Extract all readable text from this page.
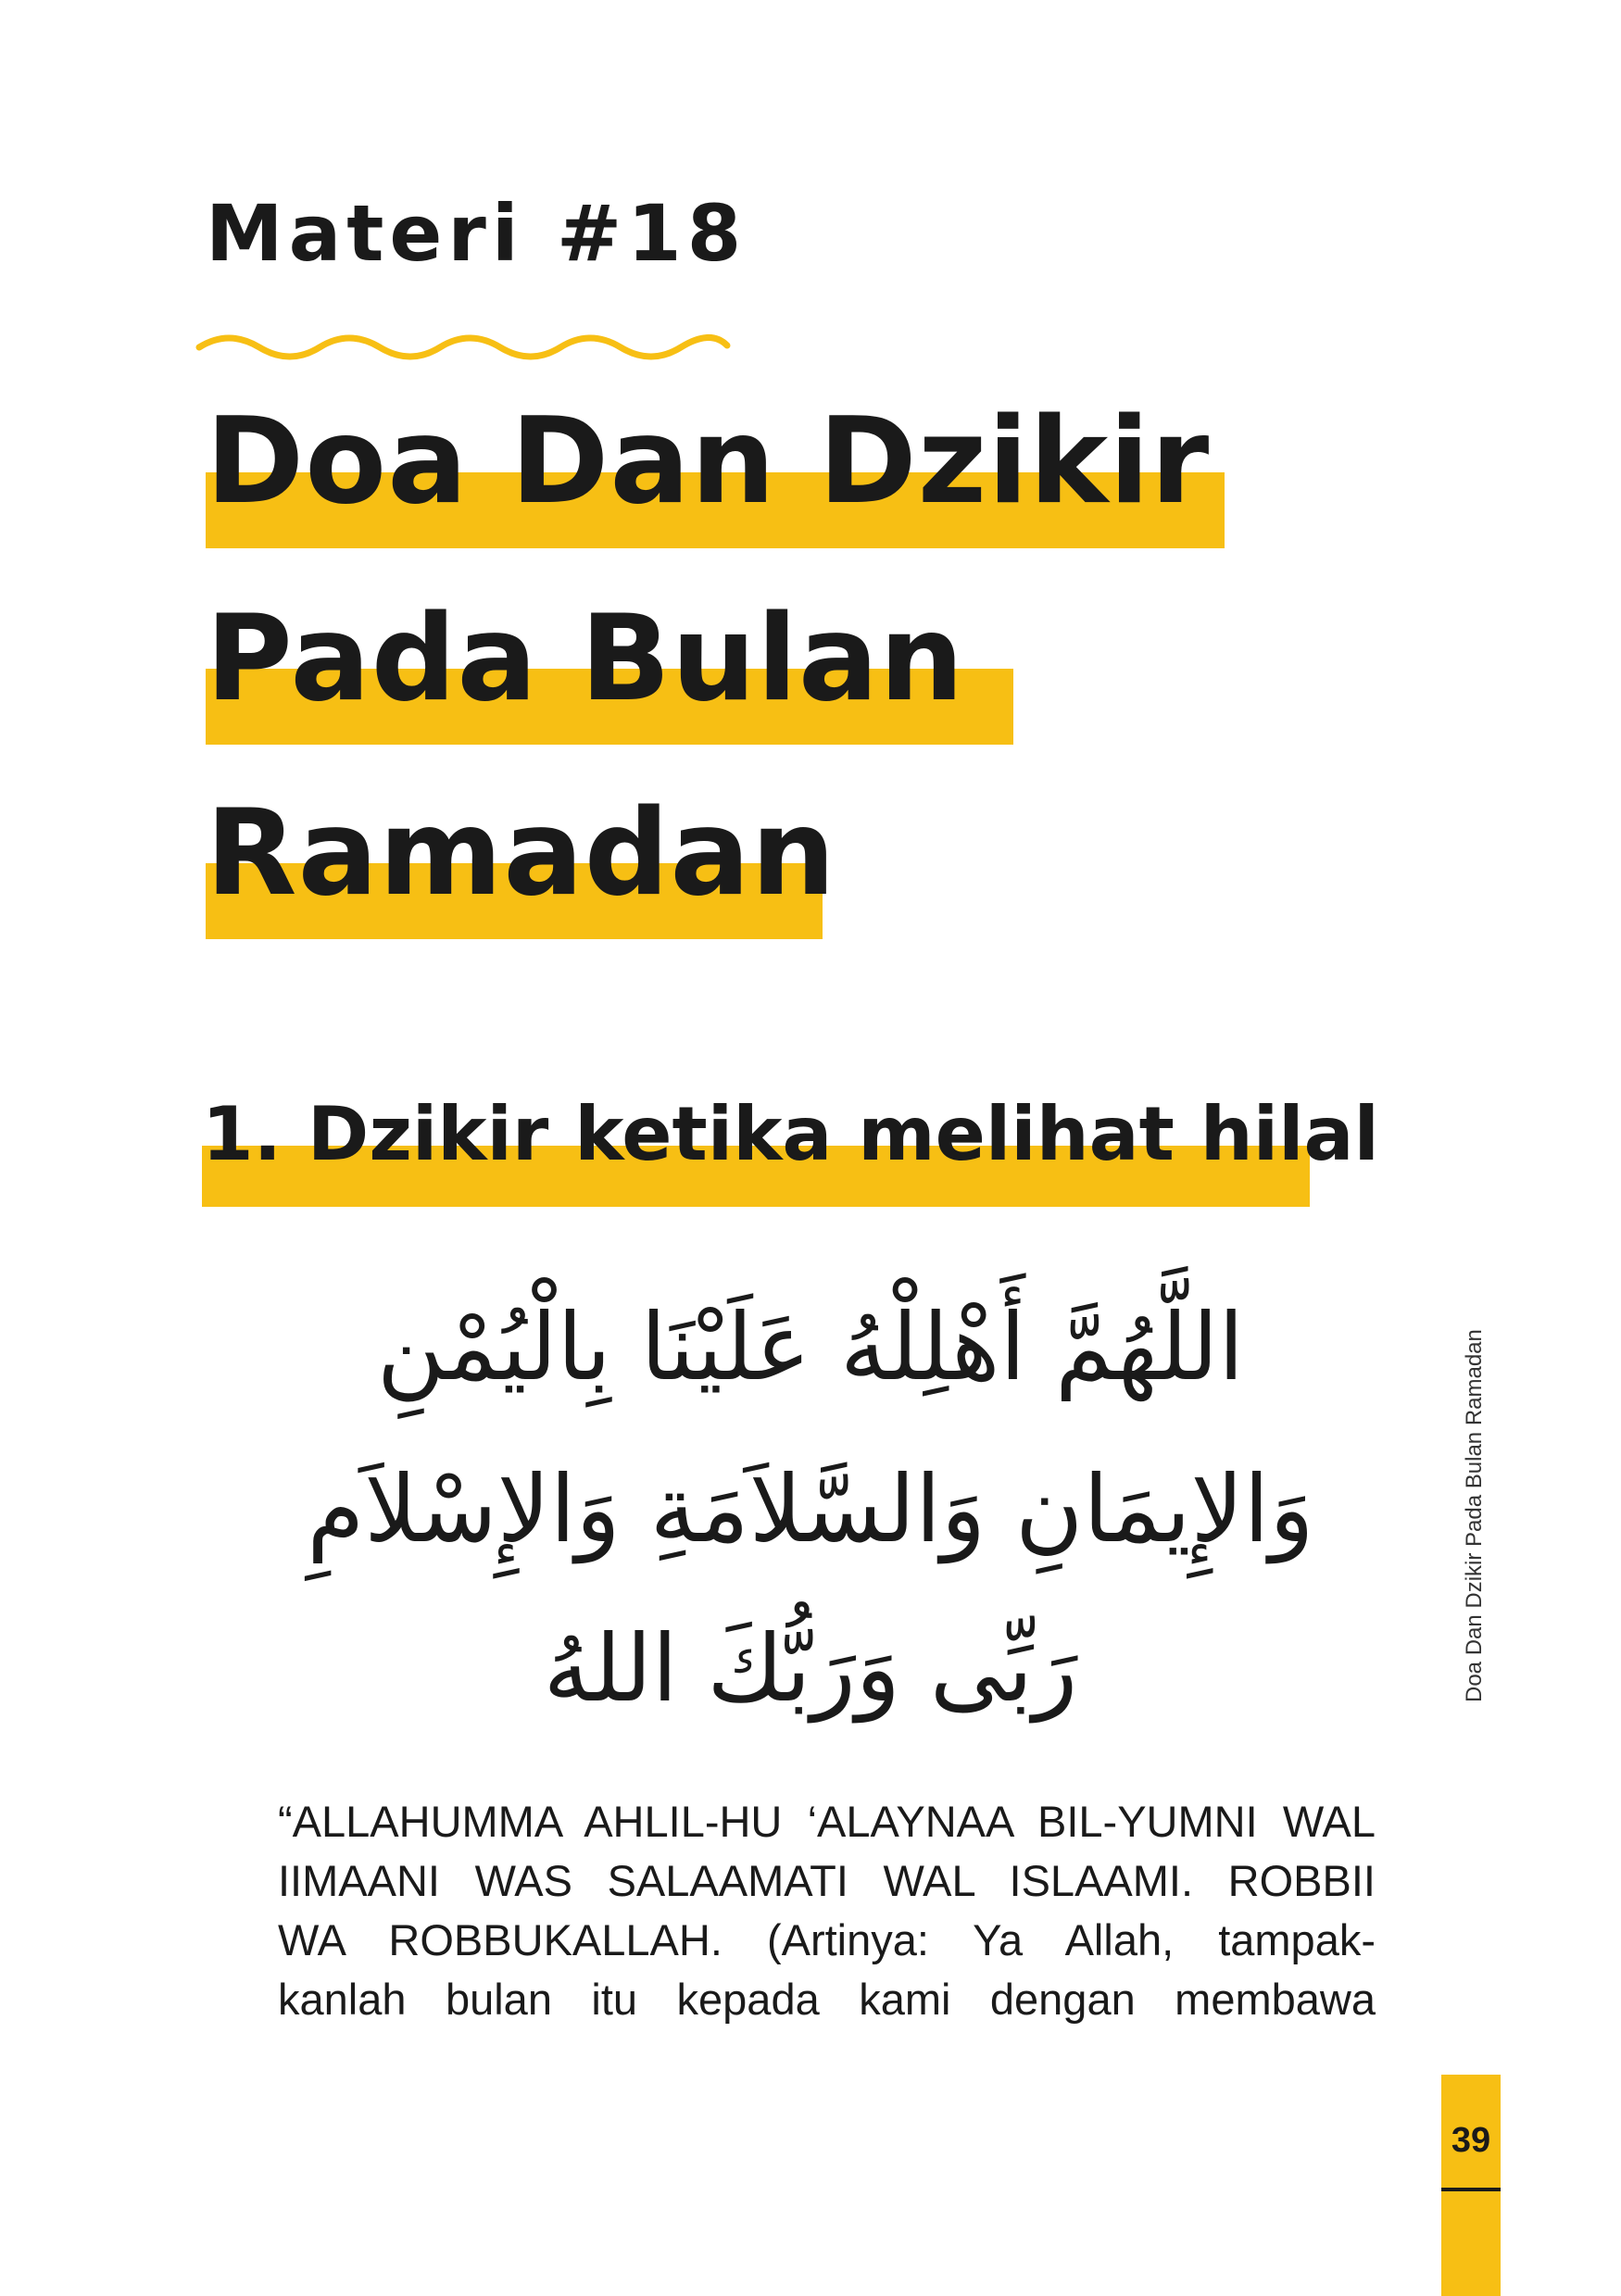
Materi #18
Doa Dan Dzikir
Pada Bulan
Ramadan
1. Dzikir ketika melihat hilal
اللَّهُمَّ أَهْلِلْهُ عَلَيْنَا بِالْيُمْنِ
وَالإِيمَانِ وَالسَّلاَمَةِ وَالإِسْلاَمِ
رَبِّى وَرَبُّكَ اللهُ
“ALLAHUMMA AHLIL-HU ‘ALAYNAA BIL-YUMNI WAL
IIMAANI WAS SALAAMATI WAL ISLAAMI. ROBBII
WA ROBBUKALLAH. (Artinya: Ya Allah, tampak-
kanlah bulan itu kepada kami dengan membawa
Doa Dan Dzikir Pada Bulan Ramadan
39
